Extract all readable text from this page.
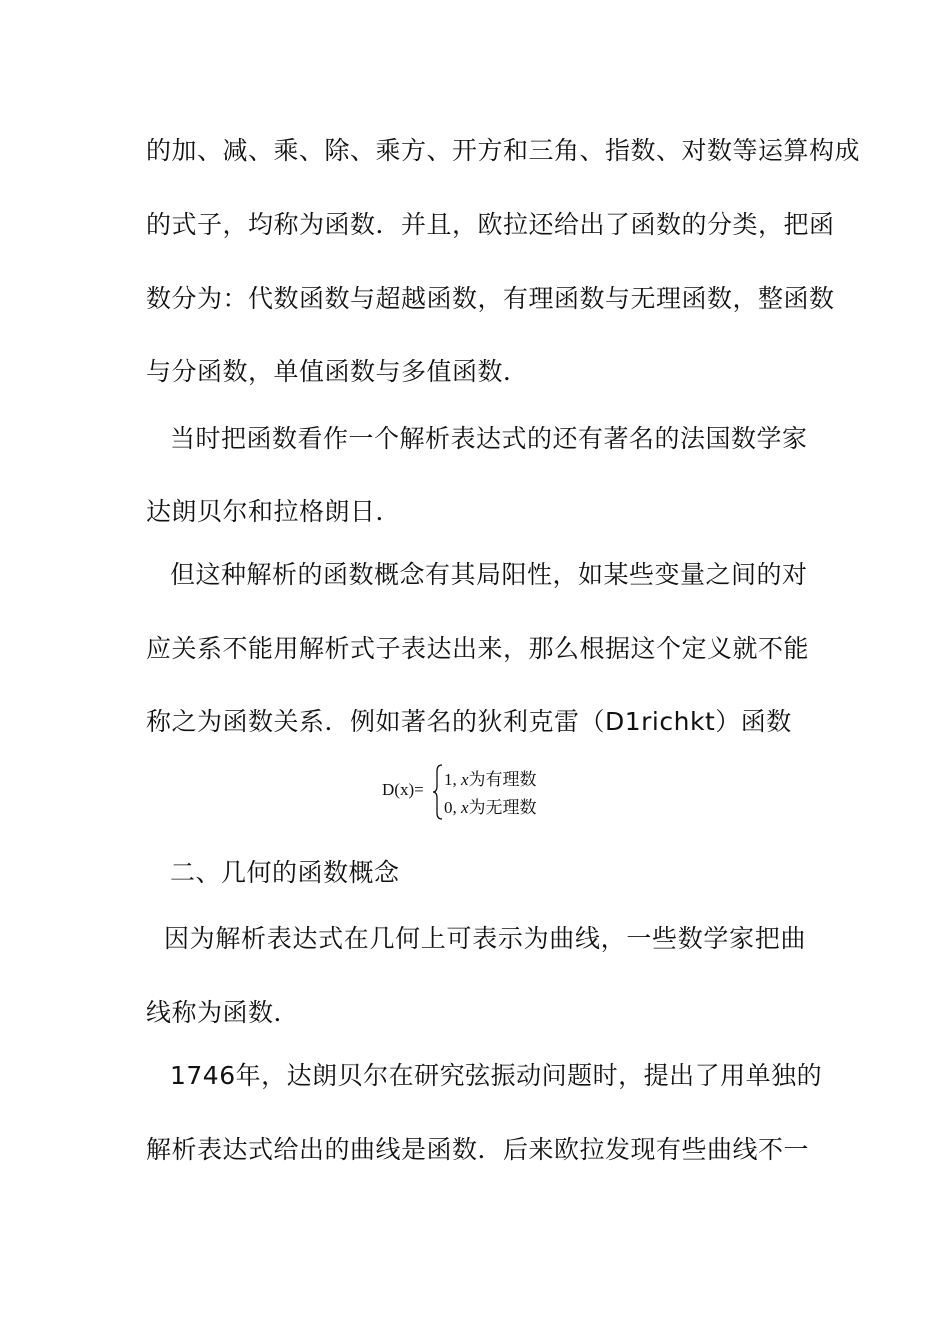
的加、减、乘、除、乘方、开方和三角、指数、对数等运算构成
的式子，均称为函数．并且，欧拉还给出了函数的分类，把函
数分为：代数函数与超越函数，有理函数与无理函数，整函数
与分函数，单值函数与多值函数．
当时把函数看作一个解析表达式的还有著名的法国数学家
达朗贝尔和拉格朗日．
但这种解析的函数概念有其局阳性，如某些变量之间的对
应关系不能用解析式子表达出来，那么根据这个定义就不能
称之为函数关系．例如著名的狄利克雷（D1richkt）函数
D(x)=
1, x为有理数
0, x为无理数
二、几何的函数概念
因为解析表达式在几何上可表示为曲线，一些数学家把曲
线称为函数．
1746年，达朗贝尔在研究弦振动问题时，提出了用单独的
解析表达式给出的曲线是函数．后来欧拉发现有些曲线不一
